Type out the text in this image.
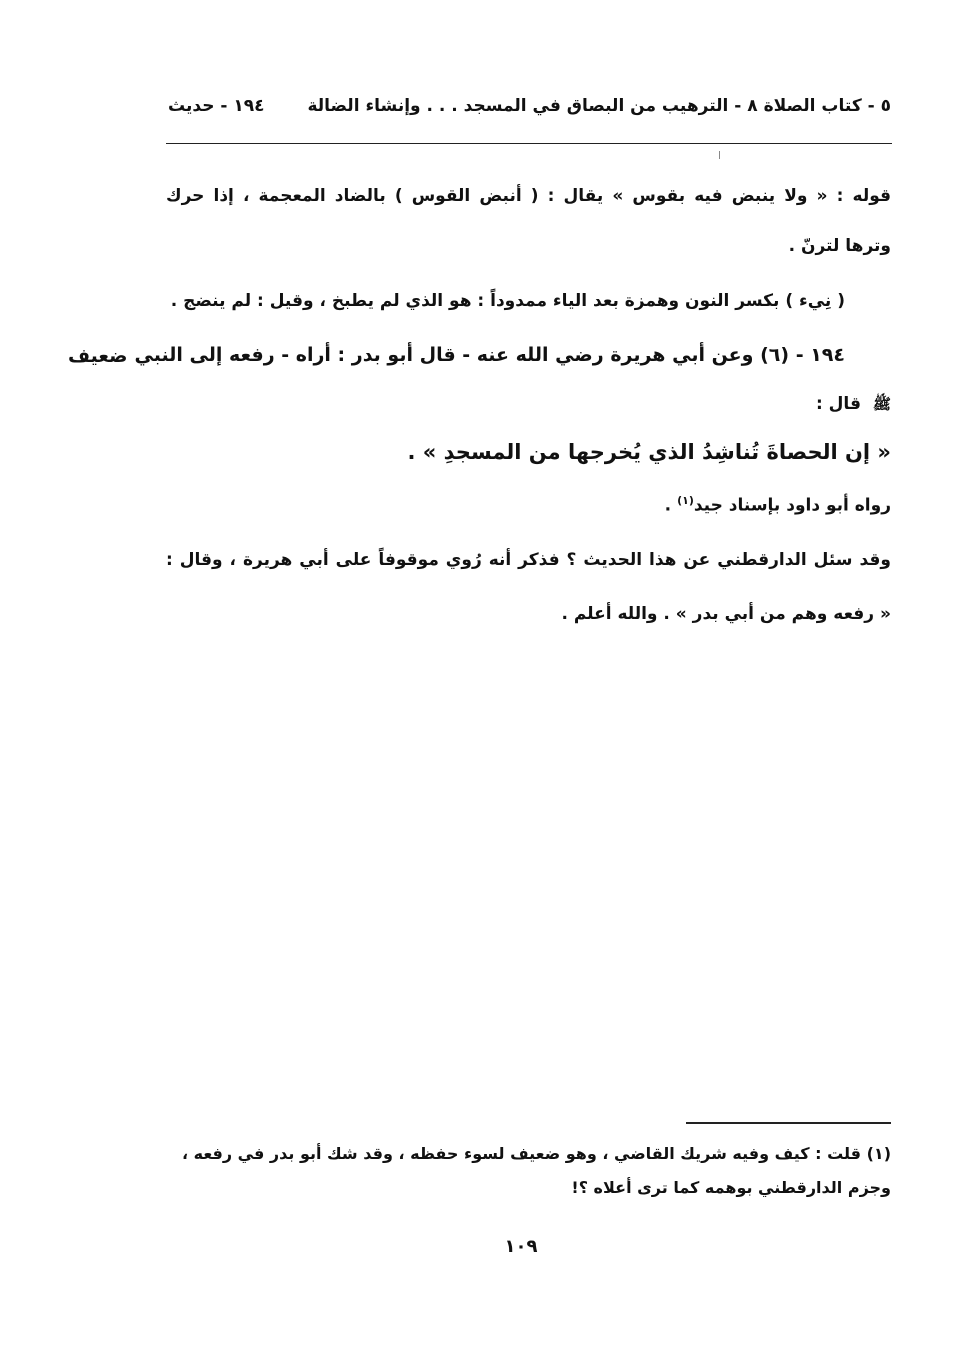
١٩٤ - حديث	٥ - كتاب الصلاة ٨ - الترهيب من البصاق في المسجد . . . وإنشاء الضالة
قوله : « ولا ينبض فيه بقوس » يقال : ( أنبض القوس ) بالضاد المعجمة ، إذا حرك
وترها لترنّ .
( نِيء ) بكسر النون وهمزة بعد الياء ممدوداً : هو الذي لم يطبخ ، وقيل : لم ينضج .
١٩٤ - (٦) وعن أبي هريرة رضي الله عنه - قال أبو بدر : أراه - رفعه إلى النبي
ضعيف
ﷺ قال :
« إن الحصاةَ تُناشِدُ الذي يُخرجها من المسجدِ » .
رواه أبو داود بإسناد جيد$^{(١)}$ .
وقد سئل الدارقطني عن هذا الحديث ؟ فذكر أنه رُوي موقوفاً على أبي هريرة ، وقال :
« رفعه وهم من أبي بدر » . والله أعلم .
(١) قلت : كيف وفيه شريك القاضي ، وهو ضعيف لسوء حفظه ، وقد شك أبو بدر في رفعه ،
وجزم الدارقطني بوهمه كما ترى أعلاه ؟!
١٠٩
